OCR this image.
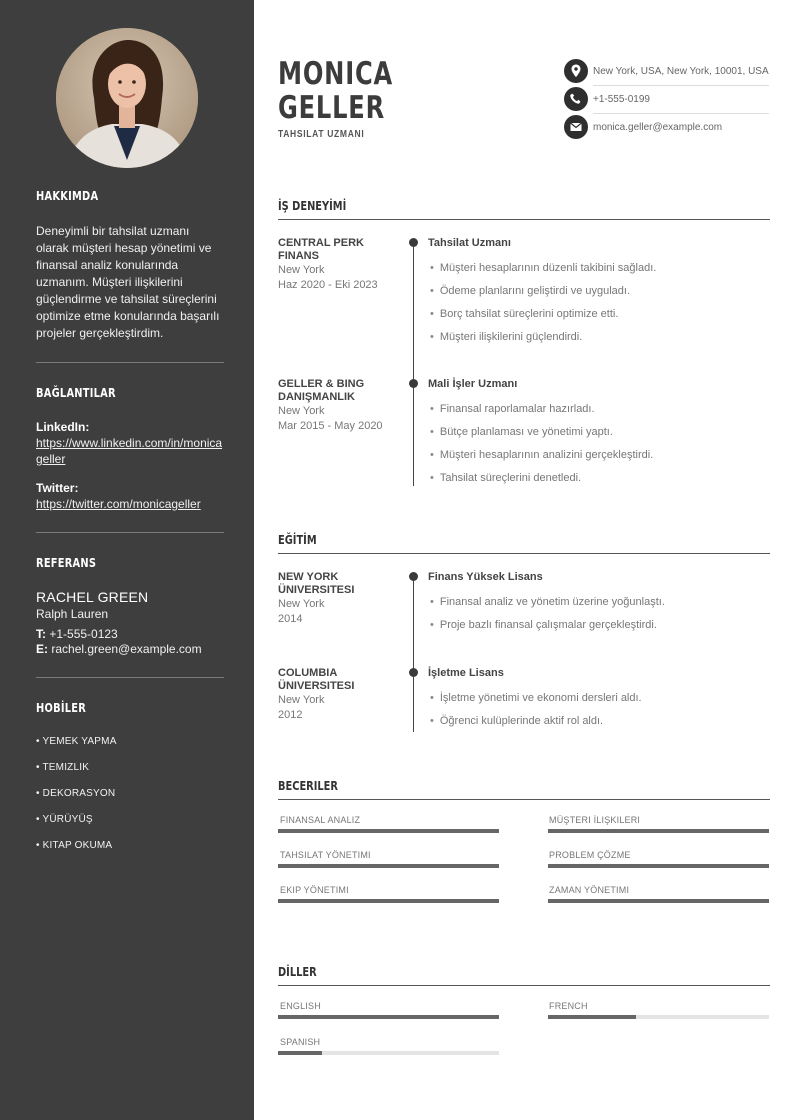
HAKKIMDA
Deneyimli bir tahsilat uzmanı olarak müşteri hesap yönetimi ve finansal analiz konularında uzmanım. Müşteri ilişkilerini güçlendirme ve tahsilat süreçlerini optimize etme konularında başarılı projeler gerçekleştirdim.
BAĞLANTILAR
LinkedIn:
https://www.linkedin.com/in/monicageller
Twitter:
https://twitter.com/monicageller
REFERANS
RACHEL GREEN
Ralph Lauren
T: +1-555-0123
E: rachel.green@example.com
HOBİLER
• YEMEK YAPMA
• TEMIZLIK
• DEKORASYON
• YÜRÜYÜŞ
• KITAP OKUMA
MONICA
GELLER
TAHSILAT UZMANI
New York, USA, New York, 10001, USA
+1-555-0199
monica.geller@example.com
İŞ DENEYİMİ
CENTRAL PERK
FINANS
New York
Haz 2020 - Eki 2023
Tahsilat Uzmanı
• Müşteri hesaplarının düzenli takibini sağladı.
• Ödeme planlarını geliştirdi ve uyguladı.
• Borç tahsilat süreçlerini optimize etti.
• Müşteri ilişkilerini güçlendirdi.
GELLER & BING
DANIŞMANLIK
New York
Mar 2015 - May 2020
Mali İşler Uzmanı
• Finansal raporlamalar hazırladı.
• Bütçe planlaması ve yönetimi yaptı.
• Müşteri hesaplarının analizini gerçekleştirdi.
• Tahsilat süreçlerini denetledi.
EĞİTİM
NEW YORK
ÜNIVERSITESI
New York
2014
Finans Yüksek Lisans
• Finansal analiz ve yönetim üzerine yoğunlaştı.
• Proje bazlı finansal çalışmalar gerçekleştirdi.
COLUMBIA
ÜNIVERSITESI
New York
2012
İşletme Lisans
• İşletme yönetimi ve ekonomi dersleri aldı.
• Öğrenci kulüplerinde aktif rol aldı.
BECERILER
FINANSAL ANALIZ	MÜŞTERI İLIŞKILERI
TAHSILAT YÖNETIMI	PROBLEM ÇÖZME
EKIP YÖNETIMI	ZAMAN YÖNETIMI
DİLLER
ENGLISH	FRENCH
SPANISH
